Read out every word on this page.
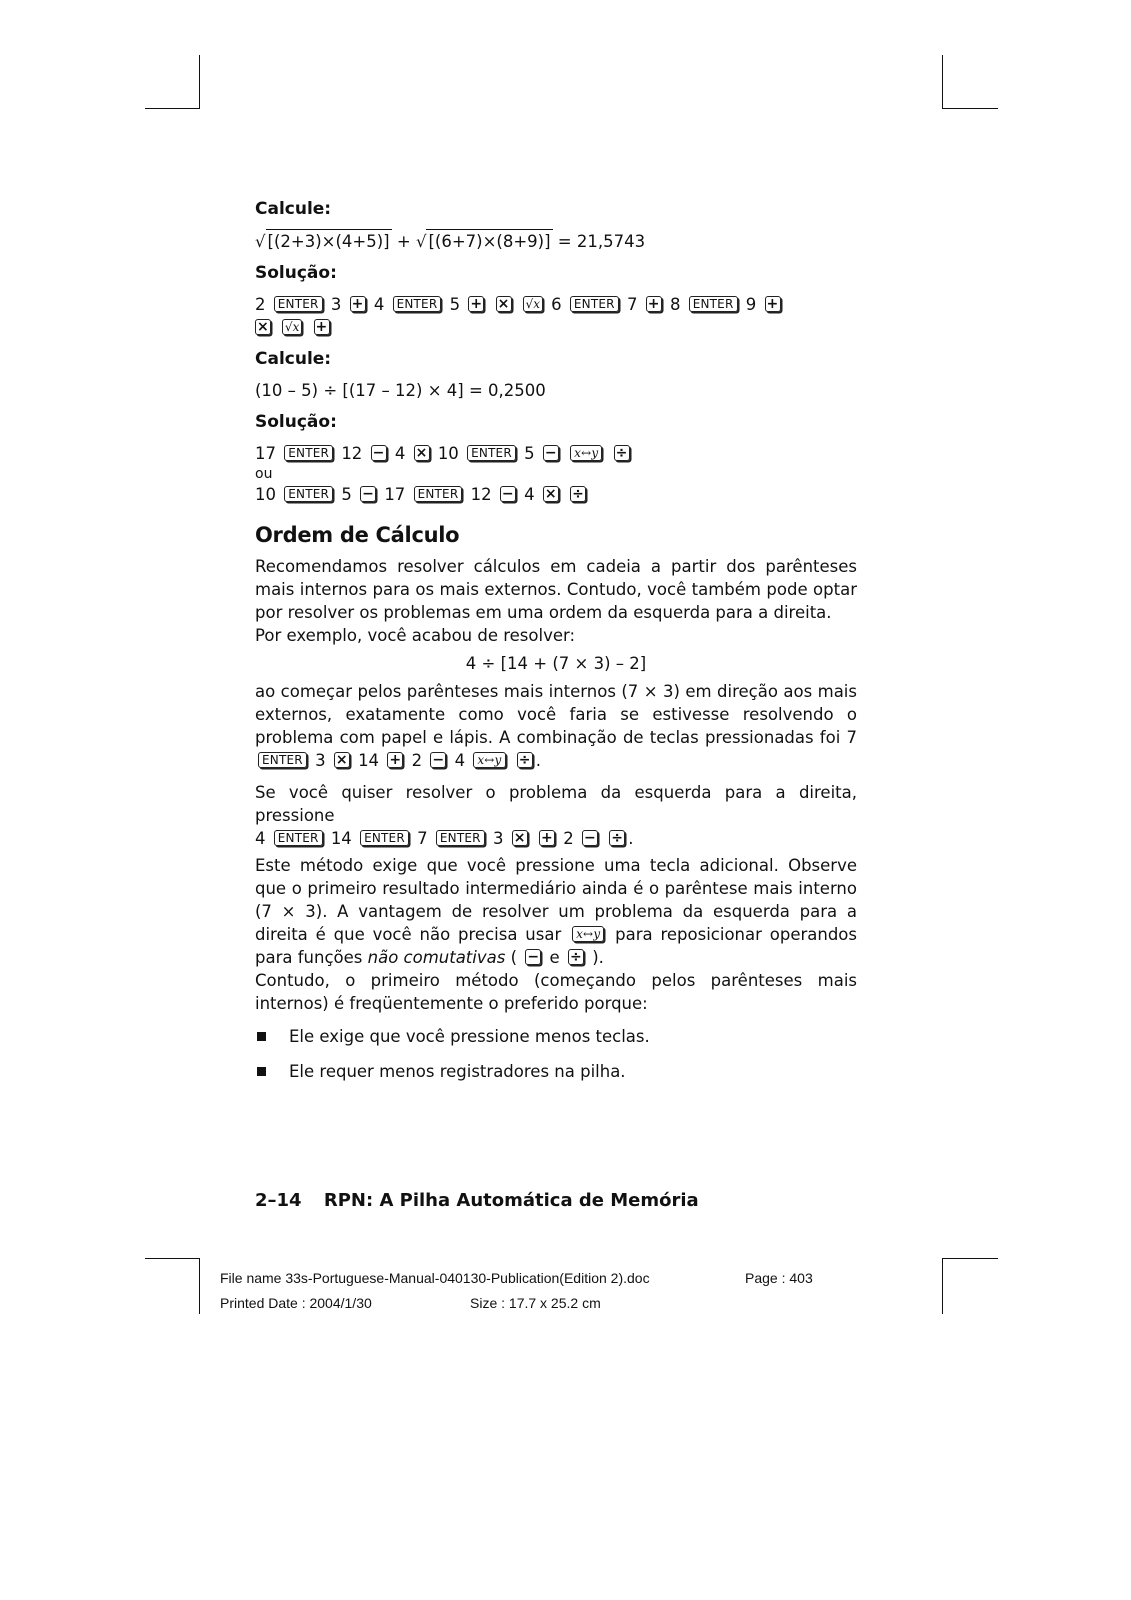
Calcule:

√ [(2+3)×(4+5)] + √ [(6+7)×(8+9)] = 21,5743

Solução:

2 ENTER 3 + 4 ENTER 5 + × √x 6 ENTER 7 + 8 ENTER 9 +

× √x +

Calcule:

(10 – 5) ÷ [(17 – 12) × 4] = 0,2500

Solução:

17 ENTER 12 − 4 × 10 ENTER 5 − x↔y ÷

ou

10 ENTER 5 − 17 ENTER 12 − 4 × ÷

Ordem de Cálculo

Recomendamos resolver cálculos em cadeia a partir dos parênteses mais internos para os mais externos. Contudo, você também pode optar por resolver os problemas em uma ordem da esquerda para a direita.

Por exemplo, você acabou de resolver:

4 ÷ [14 + (7 × 3) – 2]

ao começar pelos parênteses mais internos (7 × 3) em direção aos mais externos, exatamente como você faria se estivesse resolvendo o problema com papel e lápis. A combinação de teclas pressionadas foi 7 ENTER 3 × 14 + 2 − 4 x↔y ÷ .

Se você quiser resolver o problema da esquerda para a direita, pressione

4 ENTER 14 ENTER 7 ENTER 3 × + 2 − ÷ .

Este método exige que você pressione uma tecla adicional. Observe que o primeiro resultado intermediário ainda é o parêntese mais interno (7 × 3). A vantagem de resolver um problema da esquerda para a direita é que você não precisa usar x↔y para reposicionar operandos para funções não comutativas ( − e ÷ ).

Contudo, o primeiro método (começando pelos parênteses mais internos) é freqüentemente o preferido porque:

Ele exige que você pressione menos teclas.
Ele requer menos registradores na pilha.
2–14 RPN: A Pilha Automática de Memória
File name 33s-Portuguese-Manual-040130-Publication(Edition 2).doc	Page : 403
Printed Date : 2004/1/30	Size : 17.7 x 25.2 cm
